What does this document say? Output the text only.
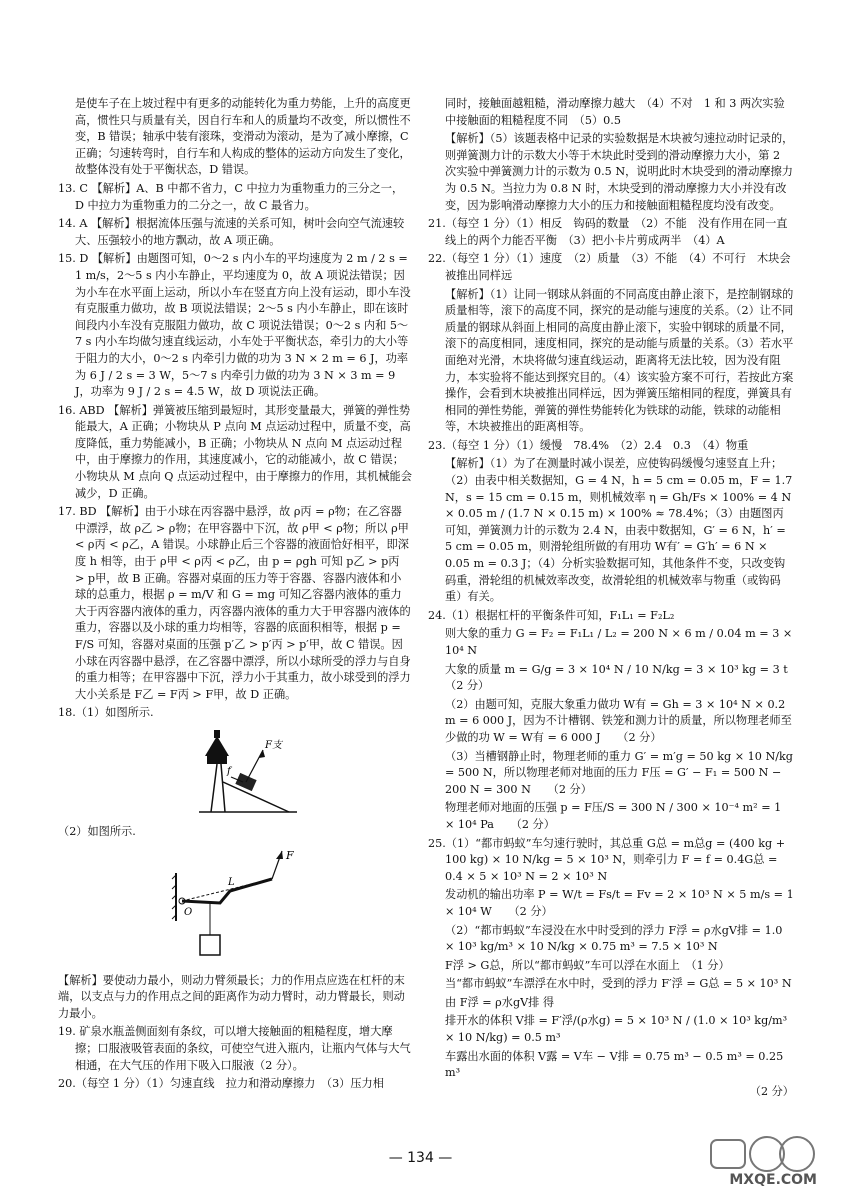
是使车子在上坡过程中有更多的动能转化为重力势能，上升的高度更高，惯性只与质量有关，因自行车和人的质量均不改变，所以惯性不变，B 错误；轴承中装有滚珠，变滑动为滚动，是为了减小摩擦，C 正确；匀速转弯时，自行车和人构成的整体的运动方向发生了变化，故整体没有处于平衡状态，D 错误。

13. C 【解析】A、B 中都不省力，C 中拉力为重物重力的三分之一，D 中拉力为重物重力的二分之一，故 C 最省力。

14. A 【解析】根据流体压强与流速的关系可知，树叶会向空气流速较大、压强较小的地方飘动，故 A 项正确。

15. D 【解析】由题图可知，0～2 s 内小车的平均速度为 2 m / 2 s = 1 m/s，2～5 s 内小车静止，平均速度为 0，故 A 项说法错误；因为小车在水平面上运动，所以小车在竖直方向上没有运动，即小车没有克服重力做功，故 B 项说法错误；2～5 s 内小车静止，即在该时间段内小车没有克服阻力做功，故 C 项说法错误；0～2 s 内和 5～7 s 内小车均做匀速直线运动，小车处于平衡状态，牵引力的大小等于阻力的大小，0～2 s 内牵引力做的功为 3 N × 2 m = 6 J，功率为 6 J / 2 s = 3 W，5～7 s 内牵引力做的功为 3 N × 3 m = 9 J，功率为 9 J / 2 s = 4.5 W，故 D 项说法正确。

16. ABD 【解析】弹簧被压缩到最短时，其形变量最大，弹簧的弹性势能最大，A 正确；小物块从 P 点向 M 点运动过程中，质量不变，高度降低，重力势能减小，B 正确；小物块从 N 点向 M 点运动过程中，由于摩擦力的作用，其速度减小，它的动能减小，故 C 错误；小物块从 M 点向 Q 点运动过程中，由于摩擦力的作用，其机械能会减少，D 正确。

17. BD 【解析】由于小球在丙容器中悬浮，故 ρ丙 = ρ物；在乙容器中漂浮，故 ρ乙 > ρ物；在甲容器中下沉，故 ρ甲 < ρ物；所以 ρ甲 < ρ丙 < ρ乙，A 错误。小球静止后三个容器的液面恰好相平，即深度 h 相等，由于 ρ甲 < ρ丙 < ρ乙，由 p = ρgh 可知 p乙 > p丙 > p甲，故 B 正确。容器对桌面的压力等于容器、容器内液体和小球的总重力，根据 ρ = m/V 和 G = mg 可知乙容器内液体的重力大于丙容器内液体的重力，丙容器内液体的重力大于甲容器内液体的重力，容器以及小球的重力均相等，容器的底面积相等，根据 p = F/S 可知，容器对桌面的压强 p′乙 > p′丙 > p′甲，故 C 错误。因小球在丙容器中悬浮，在乙容器中漂浮，所以小球所受的浮力与自身的重力相等；在甲容器中下沉，浮力小于其重力，故小球受到的浮力大小关系是 F乙 = F丙 > F甲，故 D 正确。

18.（1）如图所示.

F支
f

（2）如图所示.

F
L
O

【解析】要使动力最小，则动力臂须最长；力的作用点应选在杠杆的末端，以支点与力的作用点之间的距离作为动力臂时，动力臂最长，则动力最小。

19. 矿泉水瓶盖侧面刻有条纹，可以增大接触面的粗糙程度，增大摩擦；口服液吸管表面的条纹，可使空气进入瓶内，让瓶内气体与大气相通，在大气压的作用下吸入口服液（2 分）。

20.（每空 1 分）（1）匀速直线　拉力和滑动摩擦力　（3）压力相

同时，接触面越粗糙，滑动摩擦力越大　（4）不对　1 和 3 两次实验中接触面的粗糙程度不同　（5）0.5

【解析】（5）该题表格中记录的实验数据是木块被匀速拉动时记录的，则弹簧测力计的示数大小等于木块此时受到的滑动摩擦力大小，第 2 次实验中弹簧测力计的示数为 0.5 N，说明此时木块受到的滑动摩擦力为 0.5 N。当拉力为 0.8 N 时，木块受到的滑动摩擦力大小并没有改变，因为影响滑动摩擦力大小的压力和接触面粗糙程度均没有改变。

21.（每空 1 分）（1）相反　钩码的数量　（2）不能　没有作用在同一直线上的两个力能否平衡　（3）把小卡片剪成两半　（4）A

22.（每空 1 分）（1）速度　（2）质量　（3）不能　（4）不可行　木块会被推出同样远

【解析】（1）让同一钢球从斜面的不同高度由静止滚下，是控制钢球的质量相等，滚下的高度不同，探究的是动能与速度的关系。（2）让不同质量的钢球从斜面上相同的高度由静止滚下，实验中钢球的质量不同，滚下的高度相同，速度相同，探究的是动能与质量的关系。（3）若水平面绝对光滑，木块将做匀速直线运动，距离将无法比较，因为没有阻力，本实验将不能达到探究目的。（4）该实验方案不可行，若按此方案操作，会看到木块被推出同样远，因为弹簧压缩相同的程度，弹簧具有相同的弹性势能，弹簧的弹性势能转化为铁球的动能，铁球的动能相等，木块被推出的距离相等。

23.（每空 1 分）（1）缓慢　78.4%　（2）2.4　0.3　（4）物重

【解析】（1）为了在测量时减小误差，应使钩码缓慢匀速竖直上升；（2）由表中相关数据知，G = 4 N，h = 5 cm = 0.05 m，F = 1.7 N，s = 15 cm = 0.15 m，则机械效率 η = Gh/Fs × 100% = 4 N × 0.05 m / (1.7 N × 0.15 m) × 100% ≈ 78.4%；（3）由题图丙可知，弹簧测力计的示数为 2.4 N，由表中数据知，G′ = 6 N，h′ = 5 cm = 0.05 m，则滑轮组所做的有用功 W有′ = G′h′ = 6 N × 0.05 m = 0.3 J；（4）分析实验数据可知，其他条件不变，只改变钩码重，滑轮组的机械效率改变，故滑轮组的机械效率与物重（或钩码重）有关。

24.（1）根据杠杆的平衡条件可知，F₁L₁ = F₂L₂

则大象的重力 G = F₂ = F₁L₁ / L₂ = 200 N × 6 m / 0.04 m = 3 × 10⁴ N

大象的质量 m = G/g = 3 × 10⁴ N / 10 N/kg = 3 × 10³ kg = 3 t　　（2 分）

（2）由题可知，克服大象重力做功 W有 = Gh = 3 × 10⁴ N × 0.2 m = 6 000 J，因为不计槽钢、铁笼和测力计的质量，所以物理老师至少做的功 W = W有 = 6 000 J　　（2 分）

（3）当槽钢静止时，物理老师的重力 G′ = m′g = 50 kg × 10 N/kg = 500 N，所以物理老师对地面的压力 F压 = G′ − F₁ = 500 N − 200 N = 300 N　　（2 分）

物理老师对地面的压强 p = F压/S = 300 N / 300 × 10⁻⁴ m² = 1 × 10⁴ Pa　　（2 分）

25.（1）“都市蚂蚁”车匀速行驶时，其总重 G总 = m总g = (400 kg + 100 kg) × 10 N/kg = 5 × 10³ N，则牵引力 F = f = 0.4G总 = 0.4 × 5 × 10³ N = 2 × 10³ N

发动机的输出功率 P = W/t = Fs/t = Fv = 2 × 10³ N × 5 m/s = 1 × 10⁴ W　　（2 分）

（2）“都市蚂蚁”车浸没在水中时受到的浮力 F浮 = ρ水gV排 = 1.0 × 10³ kg/m³ × 10 N/kg × 0.75 m³ = 7.5 × 10³ N

F浮 > G总，所以“都市蚂蚁”车可以浮在水面上　（1 分）

当“都市蚂蚁”车漂浮在水中时，受到的浮力 F′浮 = G总 = 5 × 10³ N

由 F浮 = ρ水gV排 得

排开水的体积 V排 = F′浮/(ρ水g) = 5 × 10³ N / (1.0 × 10³ kg/m³ × 10 N/kg) = 0.5 m³

车露出水面的体积 V露 = V车 − V排 = 0.75 m³ − 0.5 m³ = 0.25 m³

（2 分）

— 134 —
MXQE.COM
